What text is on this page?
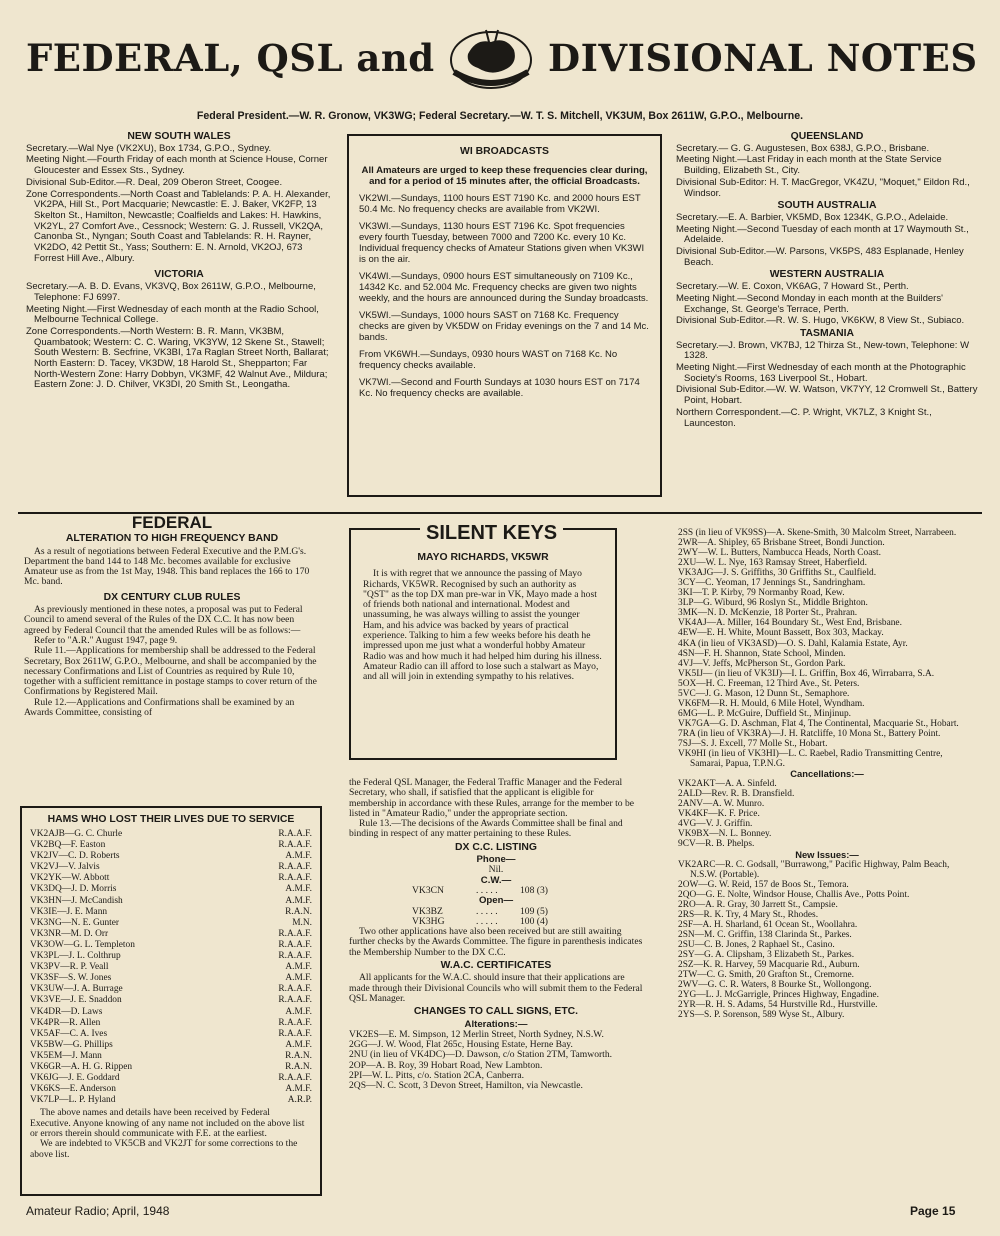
FEDERAL, QSL and	DIVISIONAL NOTES
Federal President.—W. R. Gronow, VK3WG; Federal Secretary.—W. T. S. Mitchell, VK3UM, Box 2611W, G.P.O., Melbourne.
NEW SOUTH WALES

Secretary.—Wal Nye (VK2XU), Box 1734, G.P.O., Sydney.

Meeting Night.—Fourth Friday of each month at Science House, Corner Gloucester and Essex Sts., Sydney.

Divisional Sub-Editor.—R. Deal, 209 Oberon Street, Coogee.

Zone Correspondents.—North Coast and Tablelands: P. A. H. Alexander, VK2PA, Hill St., Port Macquarie; Newcastle: E. J. Baker, VK2FP, 13 Skelton St., Hamilton, Newcastle; Coalfields and Lakes: H. Hawkins, VK2YL, 27 Comfort Ave., Cessnock; Western: G. J. Russell, VK2QA, Canonba St., Nyngan; South Coast and Tablelands: R. H. Rayner, VK2DO, 42 Pettit St., Yass; Southern: E. N. Arnold, VK2OJ, 673 Forrest Hill Ave., Albury.

VICTORIA

Secretary.—A. B. D. Evans, VK3VQ, Box 2611W, G.P.O., Melbourne, Telephone: FJ 6997.

Meeting Night.—First Wednesday of each month at the Radio School, Melbourne Technical College.

Zone Correspondents.—North Western: B. R. Mann, VK3BM, Quambatook; Western: C. C. Waring, VK3YW, 12 Skene St., Stawell; South Western: B. Secfrine, VK3BI, 17a Raglan Street North, Ballarat; North Eastern: D. Tacey, VK3DW, 18 Harold St., Shepparton; Far North-Western Zone: Harry Dobbyn, VK3MF, 42 Walnut Ave., Mildura; Eastern Zone: J. D. Chilver, VK3DI, 20 Smith St., Leongatha.

WI BROADCASTS
All Amateurs are urged to keep these frequencies clear during, and for a period of 15 minutes after, the official Broadcasts.

VK2WI.—Sundays, 1100 hours EST 7190 Kc. and 2000 hours EST 50.4 Mc. No frequency checks are available from VK2WI.

VK3WI.—Sundays, 1130 hours EST 7196 Kc. Spot frequencies every fourth Tuesday, between 7000 and 7200 Kc. every 10 Kc. Individual frequency checks of Amateur Stations given when VK3WI is on the air.

VK4WI.—Sundays, 0900 hours EST simultaneously on 7109 Kc., 14342 Kc. and 52.004 Mc. Frequency checks are given two nights weekly, and the hours are announced during the Sunday broadcasts.

VK5WI.—Sundays, 1000 hours SAST on 7168 Kc. Frequency checks are given by VK5DW on Friday evenings on the 7 and 14 Mc. bands.

From VK6WH.—Sundays, 0930 hours WAST on 7168 Kc. No frequency checks available.

VK7WI.—Second and Fourth Sundays at 1030 hours EST on 7174 Kc. No frequency checks are available.

QUEENSLAND

Secretary.— G. G. Augustesen, Box 638J, G.P.O., Brisbane.

Meeting Night.—Last Friday in each month at the State Service Building, Elizabeth St., City.

Divisional Sub-Editor: H. T. MacGregor, VK4ZU, "Moquet," Eildon Rd., Windsor.

SOUTH AUSTRALIA

Secretary.—E. A. Barbier, VK5MD, Box 1234K, G.P.O., Adelaide.

Meeting Night.—Second Tuesday of each month at 17 Waymouth St., Adelaide.

Divisional Sub-Editor.—W. Parsons, VK5PS, 483 Esplanade, Henley Beach.

WESTERN AUSTRALIA

Secretary.—W. E. Coxon, VK6AG, 7 Howard St., Perth.

Meeting Night.—Second Monday in each month at the Builders' Exchange, St. George's Terrace, Perth.

Divisional Sub-Editor.—R. W. S. Hugo, VK6KW, 8 View St., Subiaco.

TASMANIA

Secretary.—J. Brown, VK7BJ, 12 Thirza St., New-town, Telephone: W 1328.

Meeting Night.—First Wednesday of each month at the Photographic Society's Rooms, 163 Liverpool St., Hobart.

Divisional Sub-Editor.—W. W. Watson, VK7YY, 12 Cromwell St., Battery Point, Hobart.

Northern Correspondent.—C. P. Wright, VK7LZ, 3 Knight St., Launceston.

FEDERAL
ALTERATION TO HIGH FREQUENCY BAND

As a result of negotiations between Federal Executive and the P.M.G's. Department the band 144 to 148 Mc. becomes available for exclusive Amateur use as from the 1st May, 1948. This band replaces the 166 to 170 Mc. band.

DX CENTURY CLUB RULES

As previously mentioned in these notes, a proposal was put to Federal Council to amend several of the Rules of the DX C.C. It has now been agreed by Federal Council that the amended Rules will be as follows:—

Refer to "A.R." August 1947, page 9.

Rule 11.—Applications for membership shall be addressed to the Federal Secretary, Box 2611W, G.P.O., Melbourne, and shall be accompanied by the necessary Confirmations and List of Countries as required by Rule 10, together with a sufficient remittance in postage stamps to cover return of the Confirmations by Registered Mail.

Rule 12.—Applications and Confirmations shall be examined by an Awards Committee, consisting of

HAMS WHO LOST THEIR LIVES DUE TO SERVICE
VK2AJB—G. C. Churle	R.A.A.F.
VK2BQ—F. Easton	R.A.A.F.
VK2JV—C. D. Roberts	A.M.F.
VK2VJ—V. Jalvis	R.A.A.F.
VK2YK—W. Abbott	R.A.A.F.
VK3DQ—J. D. Morris	A.M.F.
VK3HN—J. McCandish	A.M.F.
VK3IE—J. E. Mann	R.A.N.
VK3NG—N. E. Gunter	M.N.
VK3NR—M. D. Orr	R.A.A.F.
VK3OW—G. L. Templeton	R.A.A.F.
VK3PL—J. L. Colthrup	R.A.A.F.
VK3PV—R. P. Veall	A.M.F.
VK3SF—S. W. Jones	A.M.F.
VK3UW—J. A. Burrage	R.A.A.F.
VK3VE—J. E. Snaddon	R.A.A.F.
VK4DR—D. Laws	A.M.F.
VK4PR—R. Allen	R.A.A.F.
VK5AF—C. A. Ives	R.A.A.F.
VK5BW—G. Phillips	A.M.F.
VK5EM—J. Mann	R.A.N.
VK6GR—A. H. G. Rippen	R.A.N.
VK6JG—J. E. Goddard	R.A.A.F.
VK6KS—E. Anderson	A.M.F.
VK7LP—L. P. Hyland	A.R.P.

The above names and details have been received by Federal Executive. Anyone knowing of any name not included on the above list or errors therein should communicate with F.E. at the earliest.

We are indebted to VK5CB and VK2JT for some corrections to the above list.

MAYO RICHARDS, VK5WR

It is with regret that we announce the passing of Mayo Richards, VK5WR. Recognised by such an authority as "QST" as the top DX man pre-war in VK, Mayo made a host of friends both national and international. Modest and unassuming, he was always willing to assist the younger Ham, and his advice was backed by years of practical experience. Talking to him a few weeks before his death he impressed upon me just what a wonderful hobby Amateur Radio was and how much it had helped him during his illness. Amateur Radio can ill afford to lose such a stalwart as Mayo, and all will join in extending sympathy to his relatives.

SILENT KEYS

the Federal QSL Manager, the Federal Traffic Manager and the Federal Secretary, who shall, if satisfied that the applicant is eligible for membership in accordance with these Rules, arrange for the member to be listed in "Amateur Radio," under the appropriate section.

Rule 13.—The decisions of the Awards Committee shall be final and binding in respect of any matter pertaining to these Rules.

DX C.C. LISTING
Phone—
Nil.
C.W.—
VK3CN	. . . . .	108 (3)
Open—
VK3BZ	. . . . .	109 (5)
VK3HG	. . . . .	100 (4)

Two other applications have also been received but are still awaiting further checks by the Awards Committee. The figure in parenthesis indicates the Membership Number to the DX C.C.

W.A.C. CERTIFICATES

All applicants for the W.A.C. should insure that their applications are made through their Divisional Councils who will submit them to the Federal QSL Manager.

CHANGES TO CALL SIGNS, ETC.

Alterations:—

VK2ES—E. M. Simpson, 12 Merlin Street, North Sydney, N.S.W.

2GG—J. W. Wood, Flat 265c, Housing Estate, Herne Bay.

2NU (in lieu of VK4DC)—D. Dawson, c/o Station 2TM, Tamworth.

2OP—A. B. Roy, 39 Hobart Road, New Lambton.

2PI—W. L. Pitts, c/o. Station 2CA, Canberra.

2QS—N. C. Scott, 3 Devon Street, Hamilton, via Newcastle.

2SS (in lieu of VK9SS)—A. Skene-Smith, 30 Malcolm Street, Narrabeen.

2WR—A. Shipley, 65 Brisbane Street, Bondi Junction.

2WY—W. L. Butters, Nambucca Heads, North Coast.

2XU—W. L. Nye, 163 Ramsay Street, Haberfield.

VK3AJG—J. S. Griffiths, 30 Griffiths St., Caulfield.

3CY—C. Yeoman, 17 Jennings St., Sandringham.

3KI—T. P. Kirby, 79 Normanby Road, Kew.

3LP—G. Wiburd, 96 Roslyn St., Middle Brighton.

3MK—N. D. McKenzie, 18 Porter St., Prahran.

VK4AJ—A. Miller, 164 Boundary St., West End, Brisbane.

4EW—E. H. White, Mount Bassett, Box 303, Mackay.

4KA (in lieu of VK3ASD)—O. S. Dahl, Kalamia Estate, Ayr.

4SN—F. H. Shannon, State School, Minden.

4VJ—V. Jeffs, McPherson St., Gordon Park.

VK5IJ— (in lieu of VK3IJ)—I. L. Griffin, Box 46, Wirrabarra, S.A.

5OX—H. C. Freeman, 12 Third Ave., St. Peters.

5VC—J. G. Mason, 12 Dunn St., Semaphore.

VK6FM—R. H. Mould, 6 Mile Hotel, Wyndham.

6MG—L. P. McGuire, Duffield St., Minjinup.

VK7GA—G. D. Aschman, Flat 4, The Continental, Macquarie St., Hobart.

7RA (in lieu of VK3RA)—J. H. Ratcliffe, 10 Mona St., Battery Point.

7SJ—S. J. Excell, 77 Molle St., Hobart.

VK9HI (in lieu of VK3HI)—L. C. Raebel, Radio Transmitting Centre, Samarai, Papua, T.P.N.G.

Cancellations:—

VK2AKT—A. A. Sinfeld.

2ALD—Rev. R. B. Dransfield.

2ANV—A. W. Munro.

VK4KF—K. F. Price.

4VG—V. J. Griffin.

VK9BX—N. L. Bonney.

9CV—R. B. Phelps.

New Issues:—

VK2ARC—R. C. Godsall, "Burrawong," Pacific Highway, Palm Beach, N.S.W. (Portable).

2OW—G. W. Reid, 157 de Boos St., Temora.

2QO—G. E. Nolte, Windsor House, Challis Ave., Potts Point.

2RO—A. R. Gray, 30 Jarrett St., Campsie.

2RS—R. K. Try, 4 Mary St., Rhodes.

2SF—A. H. Sharland, 61 Ocean St., Woollahra.

2SN—M. C. Griffin, 138 Clarinda St., Parkes.

2SU—C. B. Jones, 2 Raphael St., Casino.

2SY—G. A. Clipsham, 3 Elizabeth St., Parkes.

2SZ—K. R. Harvey, 59 Macquarie Rd., Auburn.

2TW—C. G. Smith, 20 Grafton St., Cremorne.

2WV—G. C. R. Waters, 8 Bourke St., Wollongong.

2YG—L. J. McGarrigle, Princes Highway, Engadine.

2YR—R. H. S. Adams, 54 Hurstville Rd., Hurstville.

2YS—S. P. Sorenson, 589 Wyse St., Albury.

Amateur Radio; April, 1948	Page 15
